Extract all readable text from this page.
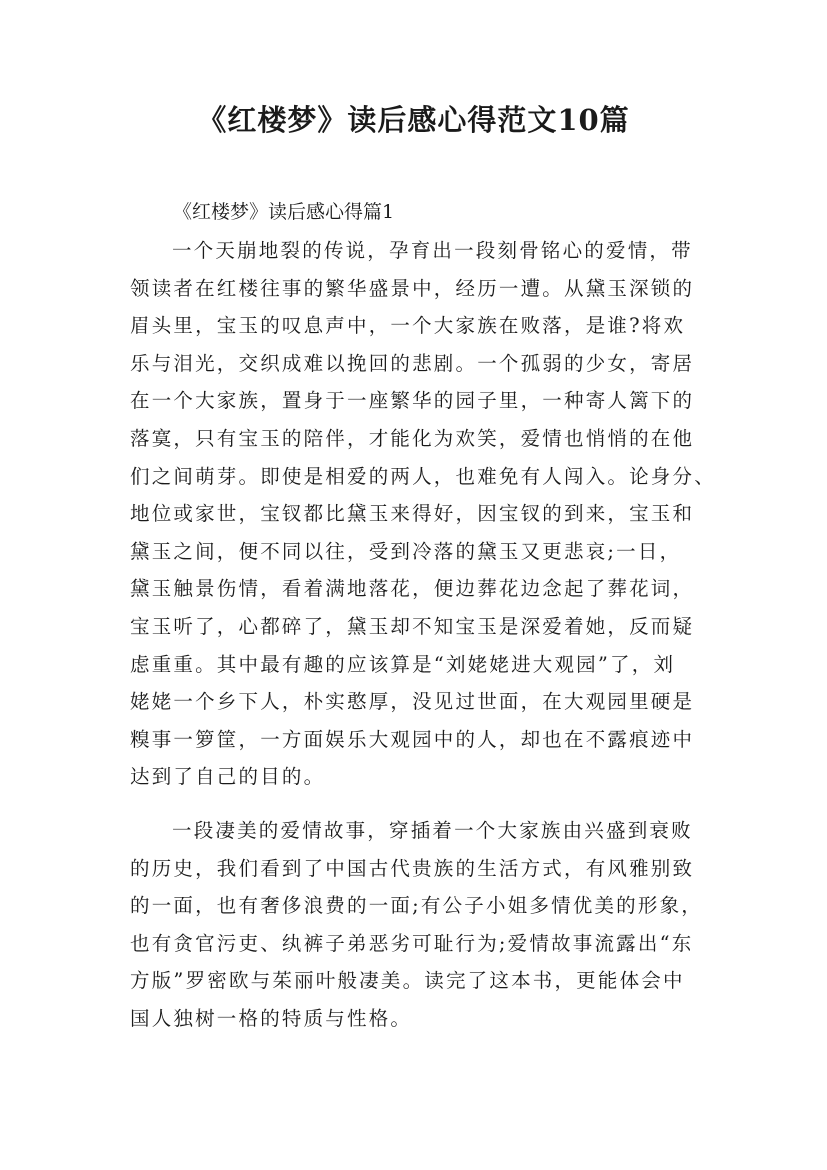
《红楼梦》读后感心得范文10篇

《红楼梦》读后感心得篇1

一个天崩地裂的传说，孕育出一段刻骨铭心的爱情，带
领读者在红楼往事的繁华盛景中，经历一遭。从黛玉深锁的
眉头里，宝玉的叹息声中，一个大家族在败落，是谁?将欢
乐与泪光，交织成难以挽回的悲剧。一个孤弱的少女，寄居
在一个大家族，置身于一座繁华的园子里，一种寄人篱下的
落寞，只有宝玉的陪伴，才能化为欢笑，爱情也悄悄的在他
们之间萌芽。即使是相爱的两人，也难免有人闯入。论身分、
地位或家世，宝钗都比黛玉来得好，因宝钗的到来，宝玉和
黛玉之间，便不同以往，受到冷落的黛玉又更悲哀;一日，
黛玉触景伤情，看着满地落花，便边葬花边念起了葬花词，
宝玉听了，心都碎了，黛玉却不知宝玉是深爱着她，反而疑
虑重重。其中最有趣的应该算是“刘姥姥进大观园”了，刘
姥姥一个乡下人，朴实憨厚，没见过世面，在大观园里硬是
糗事一箩筐，一方面娱乐大观园中的人，却也在不露痕迹中
达到了自己的目的。
一段凄美的爱情故事，穿插着一个大家族由兴盛到衰败
的历史，我们看到了中国古代贵族的生活方式，有风雅别致
的一面，也有奢侈浪费的一面;有公子小姐多情优美的形象，
也有贪官污吏、纨裤子弟恶劣可耻行为;爱情故事流露出“东
方版”罗密欧与茱丽叶般凄美。读完了这本书，更能体会中
国人独树一格的特质与性格。
